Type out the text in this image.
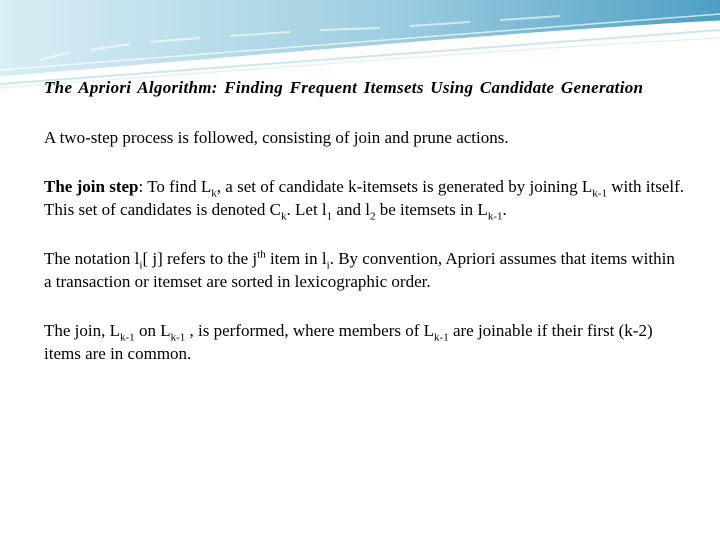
The Apriori Algorithm: Finding Frequent Itemsets Using Candidate Generation
A two-step process is followed, consisting of join and prune actions.
The join step: To find $L_k$, a set of candidate k-itemsets is generated by joining $L_{k-1}$ with itself. This set of candidates is denoted $C_k$. Let $l_1$ and $l_2$ be itemsets in $L_{k-1}$.
The notation $l_i$[ j] refers to the $j^{th}$ item in $l_i$. By convention, Apriori assumes that items within a transaction or itemset are sorted in lexicographic order.
The join, $L_{k-1}$ on $L_{k-1}$ , is performed, where members of $L_{k-1}$ are joinable if their first (k-2) items are in common.
